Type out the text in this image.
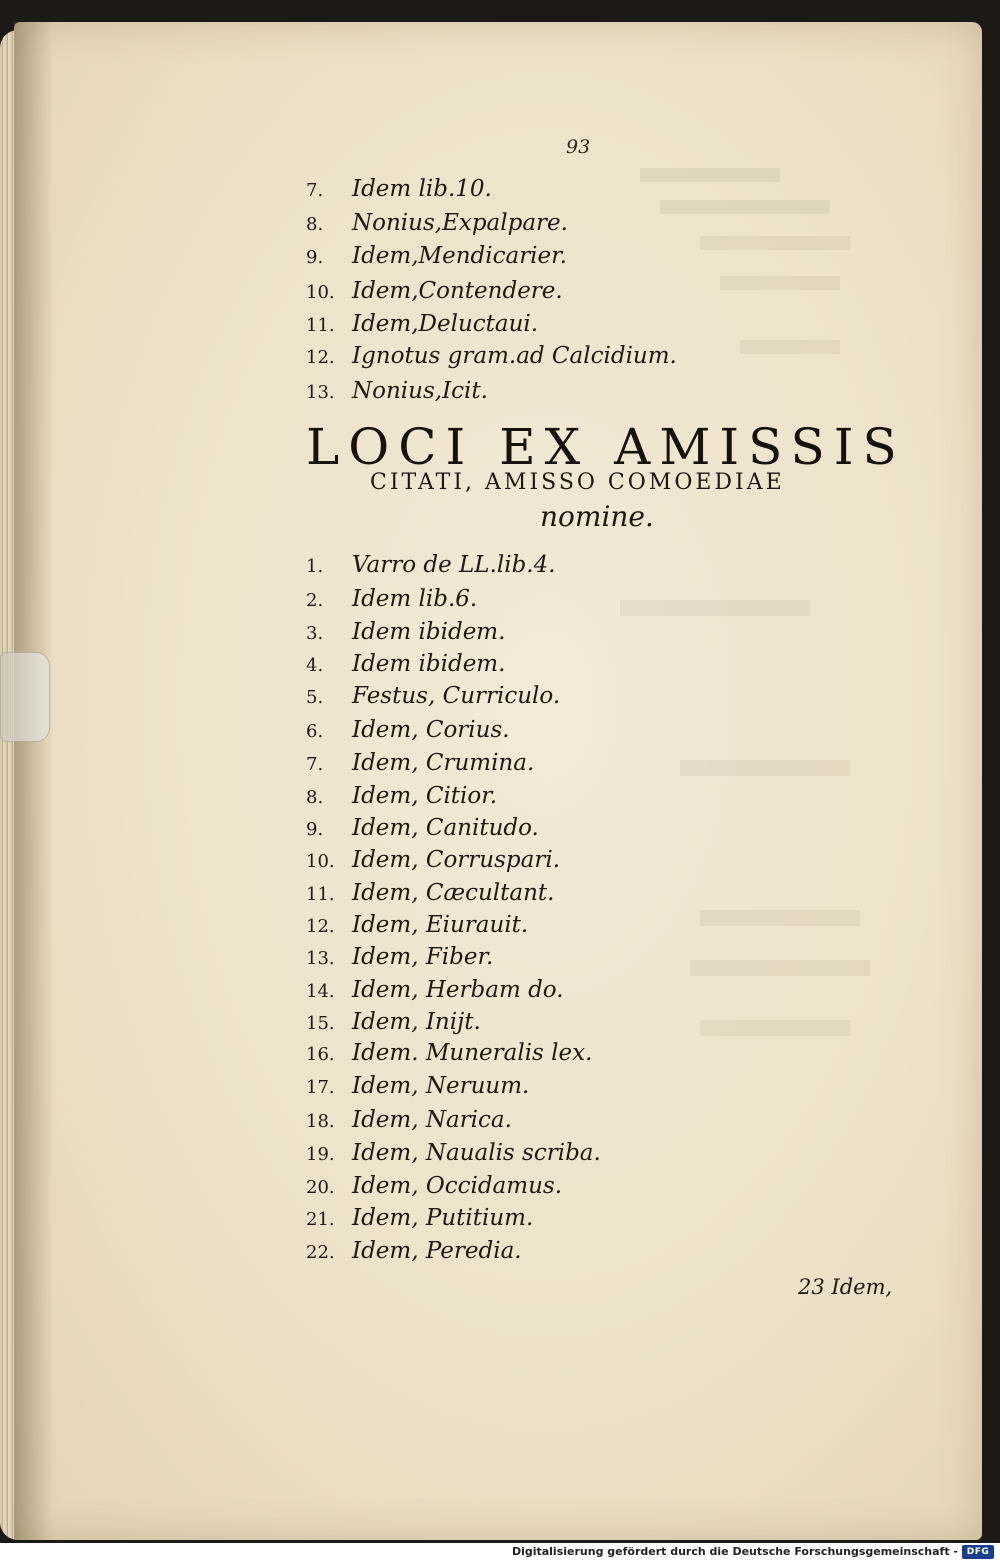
93
7. Idem lib.10.
8. Nonius,Expalpare.
9. Idem,Mendicarier.
10. Idem,Contendere.
11. Idem,Deluctaui.
12. Ignotus gram.ad Calcidium.
13. Nonius,Icit.
LOCI EX AMISSIS
CITATI, AMISSO COMOEDIAE
nomine.
1. Varro de LL.lib.4.
2. Idem lib.6.
3. Idem ibidem.
4. Idem ibidem.
5. Festus, Curriculo.
6. Idem, Corius.
7. Idem, Crumina.
8. Idem, Citior.
9. Idem, Canitudo.
10. Idem, Corruspari.
11. Idem, Cæcultant.
12. Idem, Eiurauit.
13. Idem, Fiber.
14. Idem, Herbam do.
15. Idem, Inijt.
16. Idem. Muneralis lex.
17. Idem, Neruum.
18. Idem, Narica.
19. Idem, Naualis scriba.
20. Idem, Occidamus.
21. Idem, Putitium.
22. Idem, Peredia.
23 Idem,
Digitalisierung gefördert durch die Deutsche Forschungsgemeinschaft - DFG
